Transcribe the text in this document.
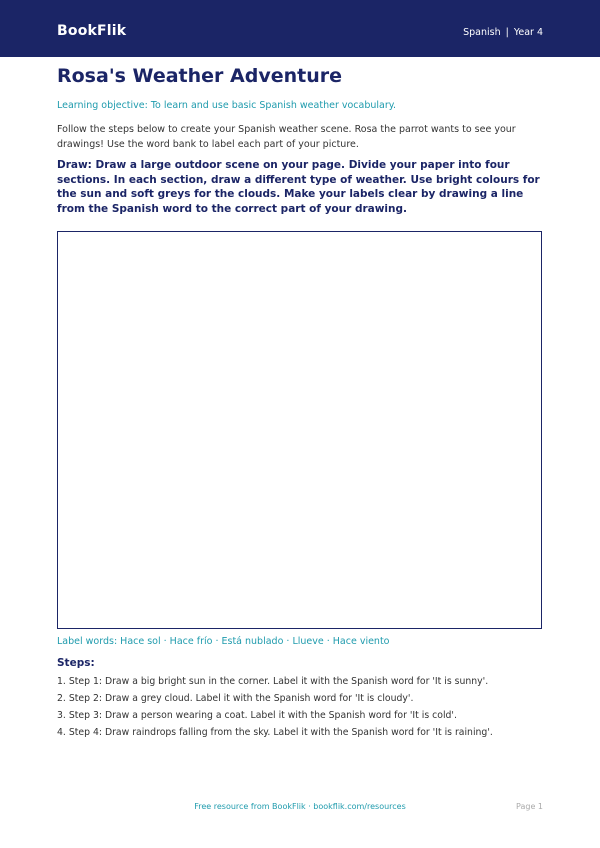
BookFlik	Spanish | Year 4
Rosa's Weather Adventure
Learning objective: To learn and use basic Spanish weather vocabulary.
Follow the steps below to create your Spanish weather scene. Rosa the parrot wants to see your drawings! Use the word bank to label each part of your picture.
Draw: Draw a large outdoor scene on your page. Divide your paper into four sections. In each section, draw a different type of weather. Use bright colours for the sun and soft greys for the clouds. Make your labels clear by drawing a line from the Spanish word to the correct part of your drawing.
Label words: Hace sol · Hace frío · Está nublado · Llueve · Hace viento
Steps:
1. Step 1: Draw a big bright sun in the corner. Label it with the Spanish word for 'It is sunny'.
2. Step 2: Draw a grey cloud. Label it with the Spanish word for 'It is cloudy'.
3. Step 3: Draw a person wearing a coat. Label it with the Spanish word for 'It is cold'.
4. Step 4: Draw raindrops falling from the sky. Label it with the Spanish word for 'It is raining'.
Free resource from BookFlik · bookflik.com/resources	Page 1
